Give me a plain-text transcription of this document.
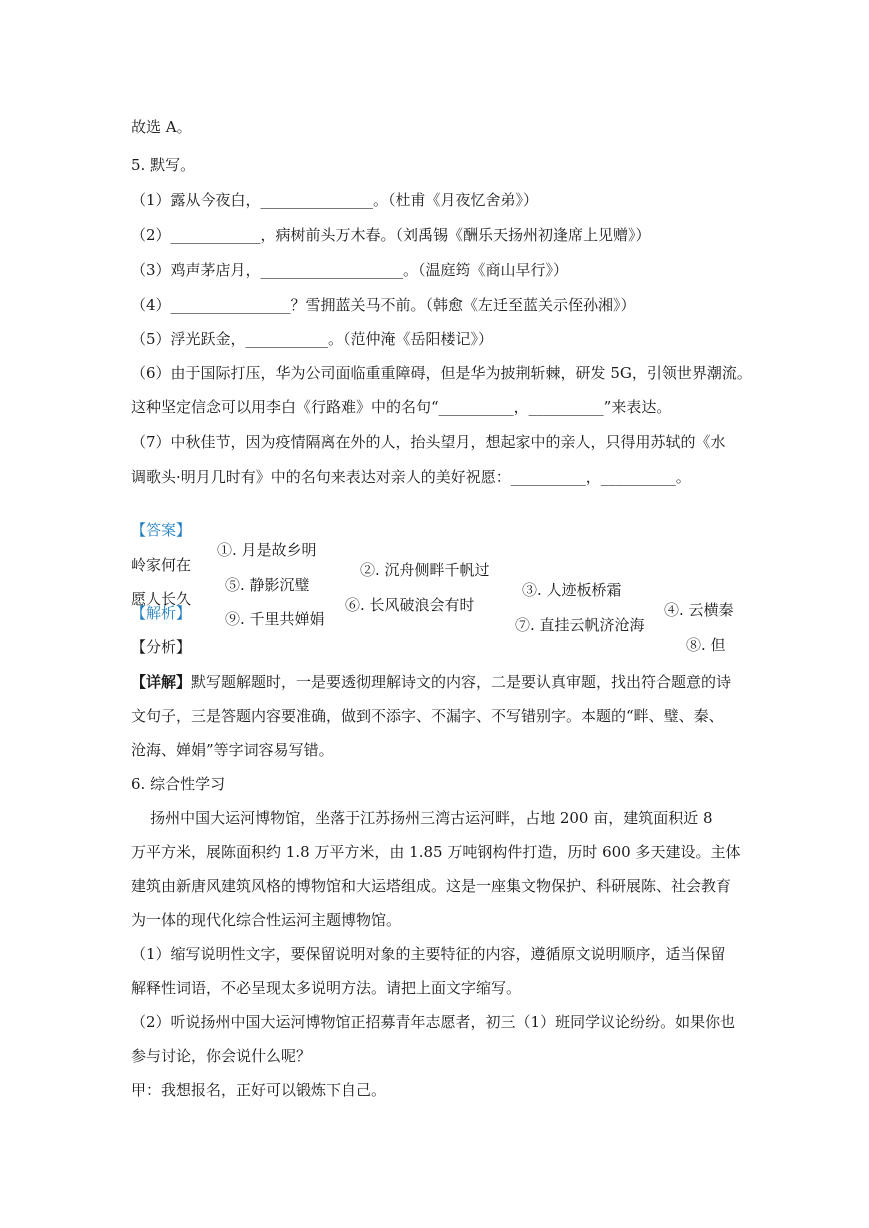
故选 A。
5. 默写。
（1）露从今夜白，_______________。（杜甫《月夜忆舍弟》）
（2）____________，病树前头万木春。（刘禹锡《酬乐天扬州初逢席上见赠》）
（3）鸡声茅店月，___________________。（温庭筠《商山早行》）
（4）________________？雪拥蓝关马不前。（韩愈《左迁至蓝关示侄孙湘》）
（5）浮光跃金，___________。（范仲淹《岳阳楼记》）
（6）由于国际打压，华为公司面临重重障碍，但是华为披荆斩棘，研发 5G，引领世界潮流。
这种坚定信念可以用李白《行路难》中的名句“__________，__________”来表达。
（7）中秋佳节，因为疫情隔离在外的人，抬头望月，想起家中的亲人，只得用苏轼的《水
调歌头·明月几时有》中的名句来表达对亲人的美好祝愿：__________，__________。

【答案】

①. 月是故乡明

②. 沉舟侧畔千帆过

③. 人迹板桥霜

④. 云横秦

岭家何在

⑤. 静影沉璧

⑥. 长风破浪会有时

⑦. 直挂云帆济沧海

⑧. 但

愿人长久

⑨. 千里共婵娟

【解析】
【分析】
【详解】默写题解题时，一是要透彻理解诗文的内容，二是要认真审题，找出符合题意的诗
文句子，三是答题内容要准确，做到不添字、不漏字、不写错别字。本题的“畔、璧、秦、
沧海、婵娟”等字词容易写错。
6. 综合性学习
扬州中国大运河博物馆，坐落于江苏扬州三湾古运河畔，占地 200 亩，建筑面积近 8
万平方米，展陈面积约 1.8 万平方米，由 1.85 万吨钢构件打造，历时 600 多天建设。主体
建筑由新唐风建筑风格的博物馆和大运塔组成。这是一座集文物保护、科研展陈、社会教育
为一体的现代化综合性运河主题博物馆。
（1）缩写说明性文字，要保留说明对象的主要特征的内容，遵循原文说明顺序，适当保留
解释性词语，不必呈现太多说明方法。请把上面文字缩写。
（2）听说扬州中国大运河博物馆正招募青年志愿者，初三（1）班同学议论纷纷。如果你也
参与讨论，你会说什么呢？
甲：我想报名，正好可以锻炼下自己。
